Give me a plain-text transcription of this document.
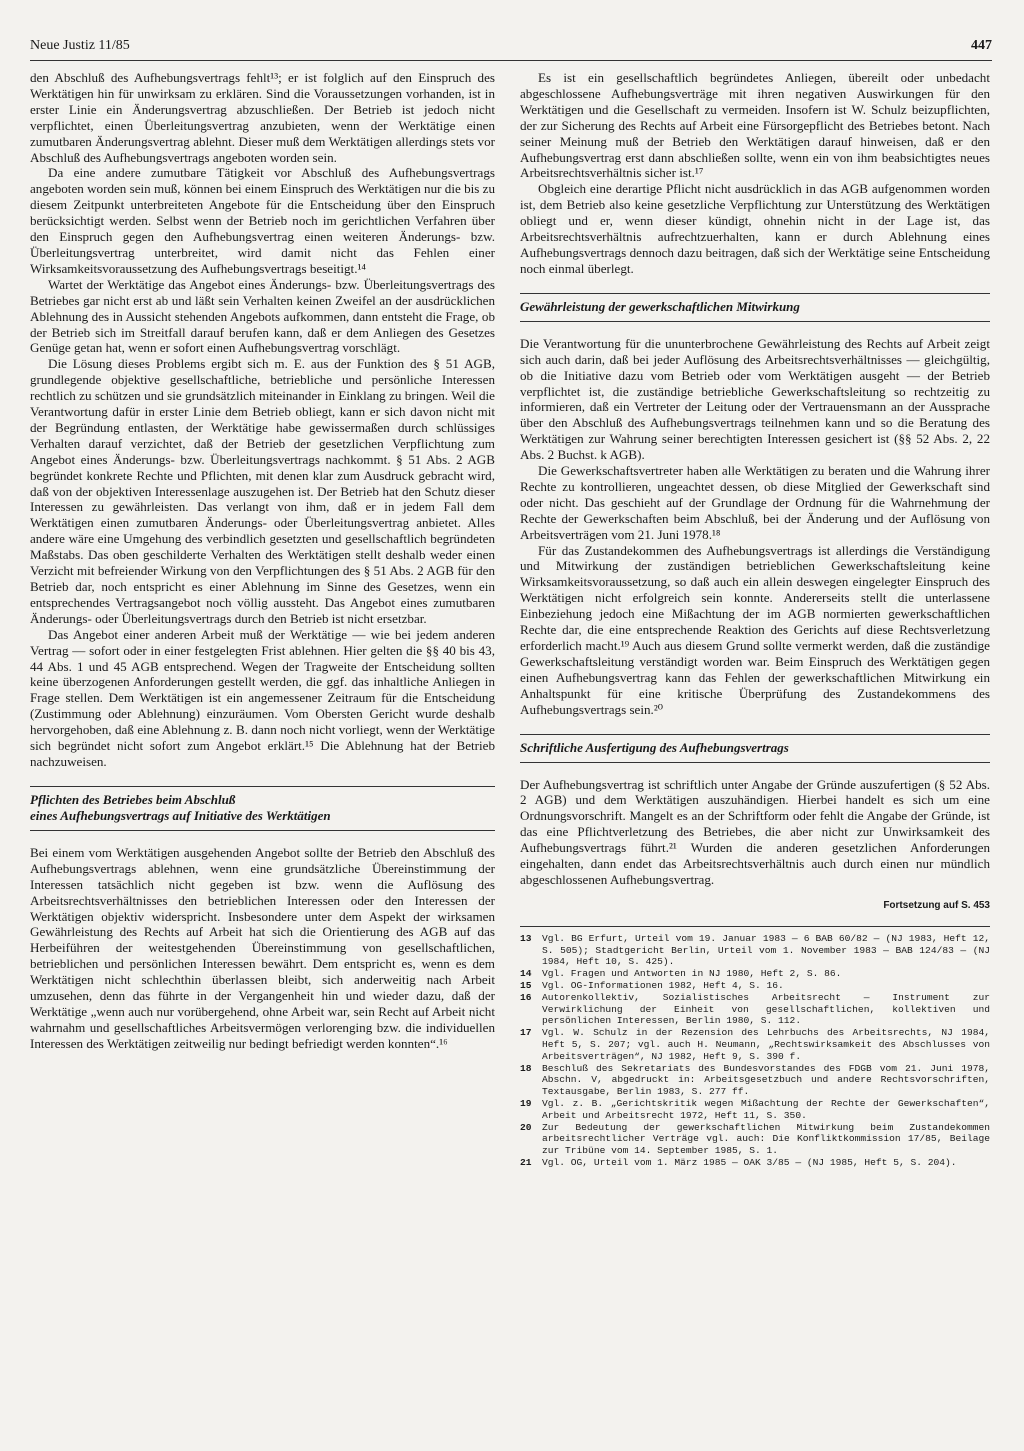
Neue Justiz 11/85	447

den Abschluß des Aufhebungsvertrags fehlt¹³; er ist folglich auf den Einspruch des Werktätigen hin für unwirksam zu erklären. Sind die Voraussetzungen vorhanden, ist in erster Linie ein Änderungsvertrag abzuschließen. Der Betrieb ist jedoch nicht verpflichtet, einen Überleitungsvertrag anzubieten, wenn der Werktätige einen zumutbaren Änderungsvertrag ablehnt. Dieser muß dem Werktätigen allerdings stets vor Abschluß des Aufhebungsvertrags angeboten worden sein.

Da eine andere zumutbare Tätigkeit vor Abschluß des Aufhebungsvertrags angeboten worden sein muß, können bei einem Einspruch des Werktätigen nur die bis zu diesem Zeitpunkt unterbreiteten Angebote für die Entscheidung über den Einspruch berücksichtigt werden. Selbst wenn der Betrieb noch im gerichtlichen Verfahren über den Einspruch gegen den Aufhebungsvertrag einen weiteren Änderungs- bzw. Überleitungsvertrag unterbreitet, wird damit nicht das Fehlen einer Wirksamkeitsvoraussetzung des Aufhebungsvertrags beseitigt.¹⁴

Wartet der Werktätige das Angebot eines Änderungs- bzw. Überleitungsvertrags des Betriebes gar nicht erst ab und läßt sein Verhalten keinen Zweifel an der ausdrücklichen Ablehnung des in Aussicht stehenden Angebots aufkommen, dann entsteht die Frage, ob der Betrieb sich im Streitfall darauf berufen kann, daß er dem Anliegen des Gesetzes Genüge getan hat, wenn er sofort einen Aufhebungsvertrag vorschlägt.

Die Lösung dieses Problems ergibt sich m. E. aus der Funktion des § 51 AGB, grundlegende objektive gesellschaftliche, betriebliche und persönliche Interessen rechtlich zu schützen und sie grundsätzlich miteinander in Einklang zu bringen. Weil die Verantwortung dafür in erster Linie dem Betrieb obliegt, kann er sich davon nicht mit der Begründung entlasten, der Werktätige habe gewissermaßen durch schlüssiges Verhalten darauf verzichtet, daß der Betrieb der gesetzlichen Verpflichtung zum Angebot eines Änderungs- bzw. Überleitungsvertrags nachkommt. § 51 Abs. 2 AGB begründet konkrete Rechte und Pflichten, mit denen klar zum Ausdruck gebracht wird, daß von der objektiven Interessenlage auszugehen ist. Der Betrieb hat den Schutz dieser Interessen zu gewährleisten. Das verlangt von ihm, daß er in jedem Fall dem Werktätigen einen zumutbaren Änderungs- oder Überleitungsvertrag anbietet. Alles andere wäre eine Umgehung des verbindlich gesetzten und gesellschaftlich begründeten Maßstabs. Das oben geschilderte Verhalten des Werktätigen stellt deshalb weder einen Verzicht mit befreiender Wirkung von den Verpflichtungen des § 51 Abs. 2 AGB für den Betrieb dar, noch entspricht es einer Ablehnung im Sinne des Gesetzes, wenn ein entsprechendes Vertragsangebot noch völlig aussteht. Das Angebot eines zumutbaren Änderungs- oder Überleitungsvertrags durch den Betrieb ist nicht ersetzbar.

Das Angebot einer anderen Arbeit muß der Werktätige — wie bei jedem anderen Vertrag — sofort oder in einer festgelegten Frist ablehnen. Hier gelten die §§ 40 bis 43, 44 Abs. 1 und 45 AGB entsprechend. Wegen der Tragweite der Entscheidung sollten keine überzogenen Anforderungen gestellt werden, die ggf. das inhaltliche Anliegen in Frage stellen. Dem Werktätigen ist ein angemessener Zeitraum für die Entscheidung (Zustimmung oder Ablehnung) einzuräumen. Vom Obersten Gericht wurde deshalb hervorgehoben, daß eine Ablehnung z. B. dann noch nicht vorliegt, wenn der Werktätige sich begründet nicht sofort zum Angebot erklärt.¹⁵ Die Ablehnung hat der Betrieb nachzuweisen.

Pflichten des Betriebes beim Abschluß
eines Aufhebungsvertrags auf Initiative des Werktätigen

Bei einem vom Werktätigen ausgehenden Angebot sollte der Betrieb den Abschluß des Aufhebungsvertrags ablehnen, wenn eine grundsätzliche Übereinstimmung der Interessen tatsächlich nicht gegeben ist bzw. wenn die Auflösung des Arbeitsrechtsverhältnisses den betrieblichen Interessen oder den Interessen der Werktätigen objektiv widerspricht. Insbesondere unter dem Aspekt der wirksamen Gewährleistung des Rechts auf Arbeit hat sich die Orientierung des AGB auf das Herbeiführen der weitestgehenden Übereinstimmung von gesellschaftlichen, betrieblichen und persönlichen Interessen bewährt. Dem entspricht es, wenn es dem Werktätigen nicht schlechthin überlassen bleibt, sich anderweitig nach Arbeit umzusehen, denn das führte in der Vergangenheit hin und wieder dazu, daß der Werktätige „wenn auch nur vorübergehend, ohne Arbeit war, sein Recht auf Arbeit nicht wahrnahm und gesellschaftliches Arbeitsvermögen verlorenging bzw. die individuellen Interessen des Werktätigen zeitweilig nur bedingt befriedigt werden konnten“.¹⁶

Es ist ein gesellschaftlich begründetes Anliegen, übereilt oder unbedacht abgeschlossene Aufhebungsverträge mit ihren negativen Auswirkungen für den Werktätigen und die Gesellschaft zu vermeiden. Insofern ist W. Schulz beizupflichten, der zur Sicherung des Rechts auf Arbeit eine Fürsorgepflicht des Betriebes betont. Nach seiner Meinung muß der Betrieb den Werktätigen darauf hinweisen, daß er den Aufhebungsvertrag erst dann abschließen sollte, wenn ein von ihm beabsichtigtes neues Arbeitsrechtsverhältnis sicher ist.¹⁷

Obgleich eine derartige Pflicht nicht ausdrücklich in das AGB aufgenommen worden ist, dem Betrieb also keine gesetzliche Verpflichtung zur Unterstützung des Werktätigen obliegt und er, wenn dieser kündigt, ohnehin nicht in der Lage ist, das Arbeitsrechtsverhältnis aufrechtzuerhalten, kann er durch Ablehnung eines Aufhebungsvertrags dennoch dazu beitragen, daß sich der Werktätige seine Entscheidung noch einmal überlegt.

Gewährleistung der gewerkschaftlichen Mitwirkung

Die Verantwortung für die ununterbrochene Gewährleistung des Rechts auf Arbeit zeigt sich auch darin, daß bei jeder Auflösung des Arbeitsrechtsverhältnisses — gleichgültig, ob die Initiative dazu vom Betrieb oder vom Werktätigen ausgeht — der Betrieb verpflichtet ist, die zuständige betriebliche Gewerkschaftsleitung so rechtzeitig zu informieren, daß ein Vertreter der Leitung oder der Vertrauensmann an der Aussprache über den Abschluß des Aufhebungsvertrags teilnehmen kann und so die Beratung des Werktätigen zur Wahrung seiner berechtigten Interessen gesichert ist (§§ 52 Abs. 2, 22 Abs. 2 Buchst. k AGB).

Die Gewerkschaftsvertreter haben alle Werktätigen zu beraten und die Wahrung ihrer Rechte zu kontrollieren, ungeachtet dessen, ob diese Mitglied der Gewerkschaft sind oder nicht. Das geschieht auf der Grundlage der Ordnung für die Wahrnehmung der Rechte der Gewerkschaften beim Abschluß, bei der Änderung und der Auflösung von Arbeitsverträgen vom 21. Juni 1978.¹⁸

Für das Zustandekommen des Aufhebungsvertrags ist allerdings die Verständigung und Mitwirkung der zuständigen betrieblichen Gewerkschaftsleitung keine Wirksamkeitsvoraussetzung, so daß auch ein allein deswegen eingelegter Einspruch des Werktätigen nicht erfolgreich sein konnte. Andererseits stellt die unterlassene Einbeziehung jedoch eine Mißachtung der im AGB normierten gewerkschaftlichen Rechte dar, die eine entsprechende Reaktion des Gerichts auf diese Rechtsverletzung erforderlich macht.¹⁹ Auch aus diesem Grund sollte vermerkt werden, daß die zuständige Gewerkschaftsleitung verständigt worden war. Beim Einspruch des Werktätigen gegen einen Aufhebungsvertrag kann das Fehlen der gewerkschaftlichen Mitwirkung ein Anhaltspunkt für eine kritische Überprüfung des Zustandekommens des Aufhebungsvertrags sein.²⁰

Schriftliche Ausfertigung des Aufhebungsvertrags

Der Aufhebungsvertrag ist schriftlich unter Angabe der Gründe auszufertigen (§ 52 Abs. 2 AGB) und dem Werktätigen auszuhändigen. Hierbei handelt es sich um eine Ordnungsvorschrift. Mangelt es an der Schriftform oder fehlt die Angabe der Gründe, ist das eine Pflichtverletzung des Betriebes, die aber nicht zur Unwirksamkeit des Aufhebungsvertrags führt.²¹ Wurden die anderen gesetzlichen Anforderungen eingehalten, dann endet das Arbeitsrechtsverhältnis auch durch einen nur mündlich abgeschlossenen Aufhebungsvertrag.

Fortsetzung auf S. 453
13	Vgl. BG Erfurt, Urteil vom 19. Januar 1983 — 6 BAB 60/82 — (NJ 1983, Heft 12, S. 505); Stadtgericht Berlin, Urteil vom 1. November 1983 — BAB 124/83 — (NJ 1984, Heft 10, S. 425).
14	Vgl. Fragen und Antworten in NJ 1980, Heft 2, S. 86.
15	Vgl. OG-Informationen 1982, Heft 4, S. 16.
16	Autorenkollektiv, Sozialistisches Arbeitsrecht — Instrument zur Verwirklichung der Einheit von gesellschaftlichen, kollektiven und persönlichen Interessen, Berlin 1980, S. 112.
17	Vgl. W. Schulz in der Rezension des Lehrbuchs des Arbeitsrechts, NJ 1984, Heft 5, S. 207; vgl. auch H. Neumann, „Rechtswirksamkeit des Abschlusses von Arbeitsverträgen“, NJ 1982, Heft 9, S. 390 f.
18	Beschluß des Sekretariats des Bundesvorstandes des FDGB vom 21. Juni 1978, Abschn. V, abgedruckt in: Arbeitsgesetzbuch und andere Rechtsvorschriften, Textausgabe, Berlin 1983, S. 277 ff.
19	Vgl. z. B. „Gerichtskritik wegen Mißachtung der Rechte der Gewerkschaften“, Arbeit und Arbeitsrecht 1972, Heft 11, S. 350.
20	Zur Bedeutung der gewerkschaftlichen Mitwirkung beim Zustandekommen arbeitsrechtlicher Verträge vgl. auch: Die Konfliktkommission 17/85, Beilage zur Tribüne vom 14. September 1985, S. 1.
21	Vgl. OG, Urteil vom 1. März 1985 — OAK 3/85 — (NJ 1985, Heft 5, S. 204).
